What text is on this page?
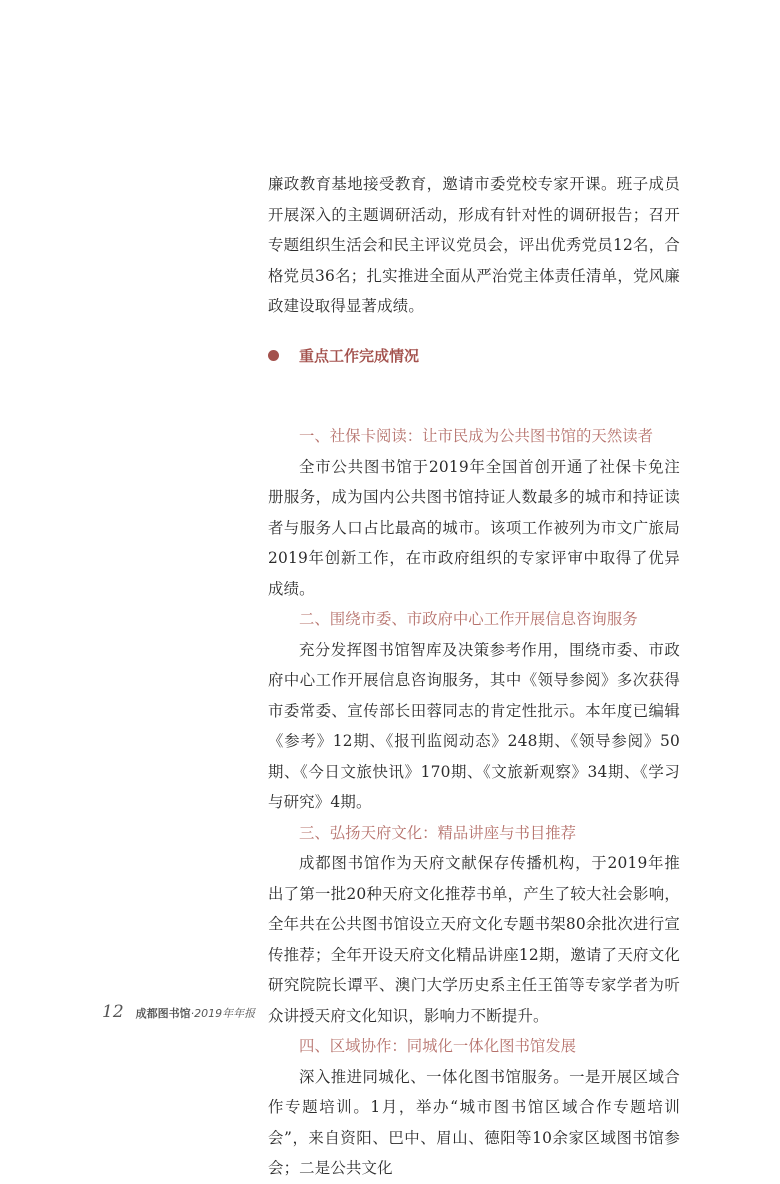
廉政教育基地接受教育，邀请市委党校专家开课。班子成员开展深入的主题调研活动，形成有针对性的调研报告；召开专题组织生活会和民主评议党员会，评出优秀党员12名，合格党员36名；扎实推进全面从严治党主体责任清单，党风廉政建设取得显著成绩。

重点工作完成情况

一、社保卡阅读：让市民成为公共图书馆的天然读者

全市公共图书馆于2019年全国首创开通了社保卡免注册服务，成为国内公共图书馆持证人数最多的城市和持证读者与服务人口占比最高的城市。该项工作被列为市文广旅局2019年创新工作，在市政府组织的专家评审中取得了优异成绩。

二、围绕市委、市政府中心工作开展信息咨询服务

充分发挥图书馆智库及决策参考作用，围绕市委、市政府中心工作开展信息咨询服务，其中《领导参阅》多次获得市委常委、宣传部长田蓉同志的肯定性批示。本年度已编辑《参考》12期、《报刊监阅动态》248期、《领导参阅》50期、《今日文旅快讯》170期、《文旅新观察》34期、《学习与研究》4期。

三、弘扬天府文化：精品讲座与书目推荐

成都图书馆作为天府文献保存传播机构，于2019年推出了第一批20种天府文化推荐书单，产生了较大社会影响，全年共在公共图书馆设立天府文化专题书架80余批次进行宣传推荐；全年开设天府文化精品讲座12期，邀请了天府文化研究院院长谭平、澳门大学历史系主任王笛等专家学者为听众讲授天府文化知识，影响力不断提升。

四、区域协作：同城化一体化图书馆发展

深入推进同城化、一体化图书馆服务。一是开展区域合作专题培训。1月，举办“城市图书馆区域合作专题培训会”，来自资阳、巴中、眉山、德阳等10余家区域图书馆参会；二是公共文化

12 成都图书馆 · 2019年年报
